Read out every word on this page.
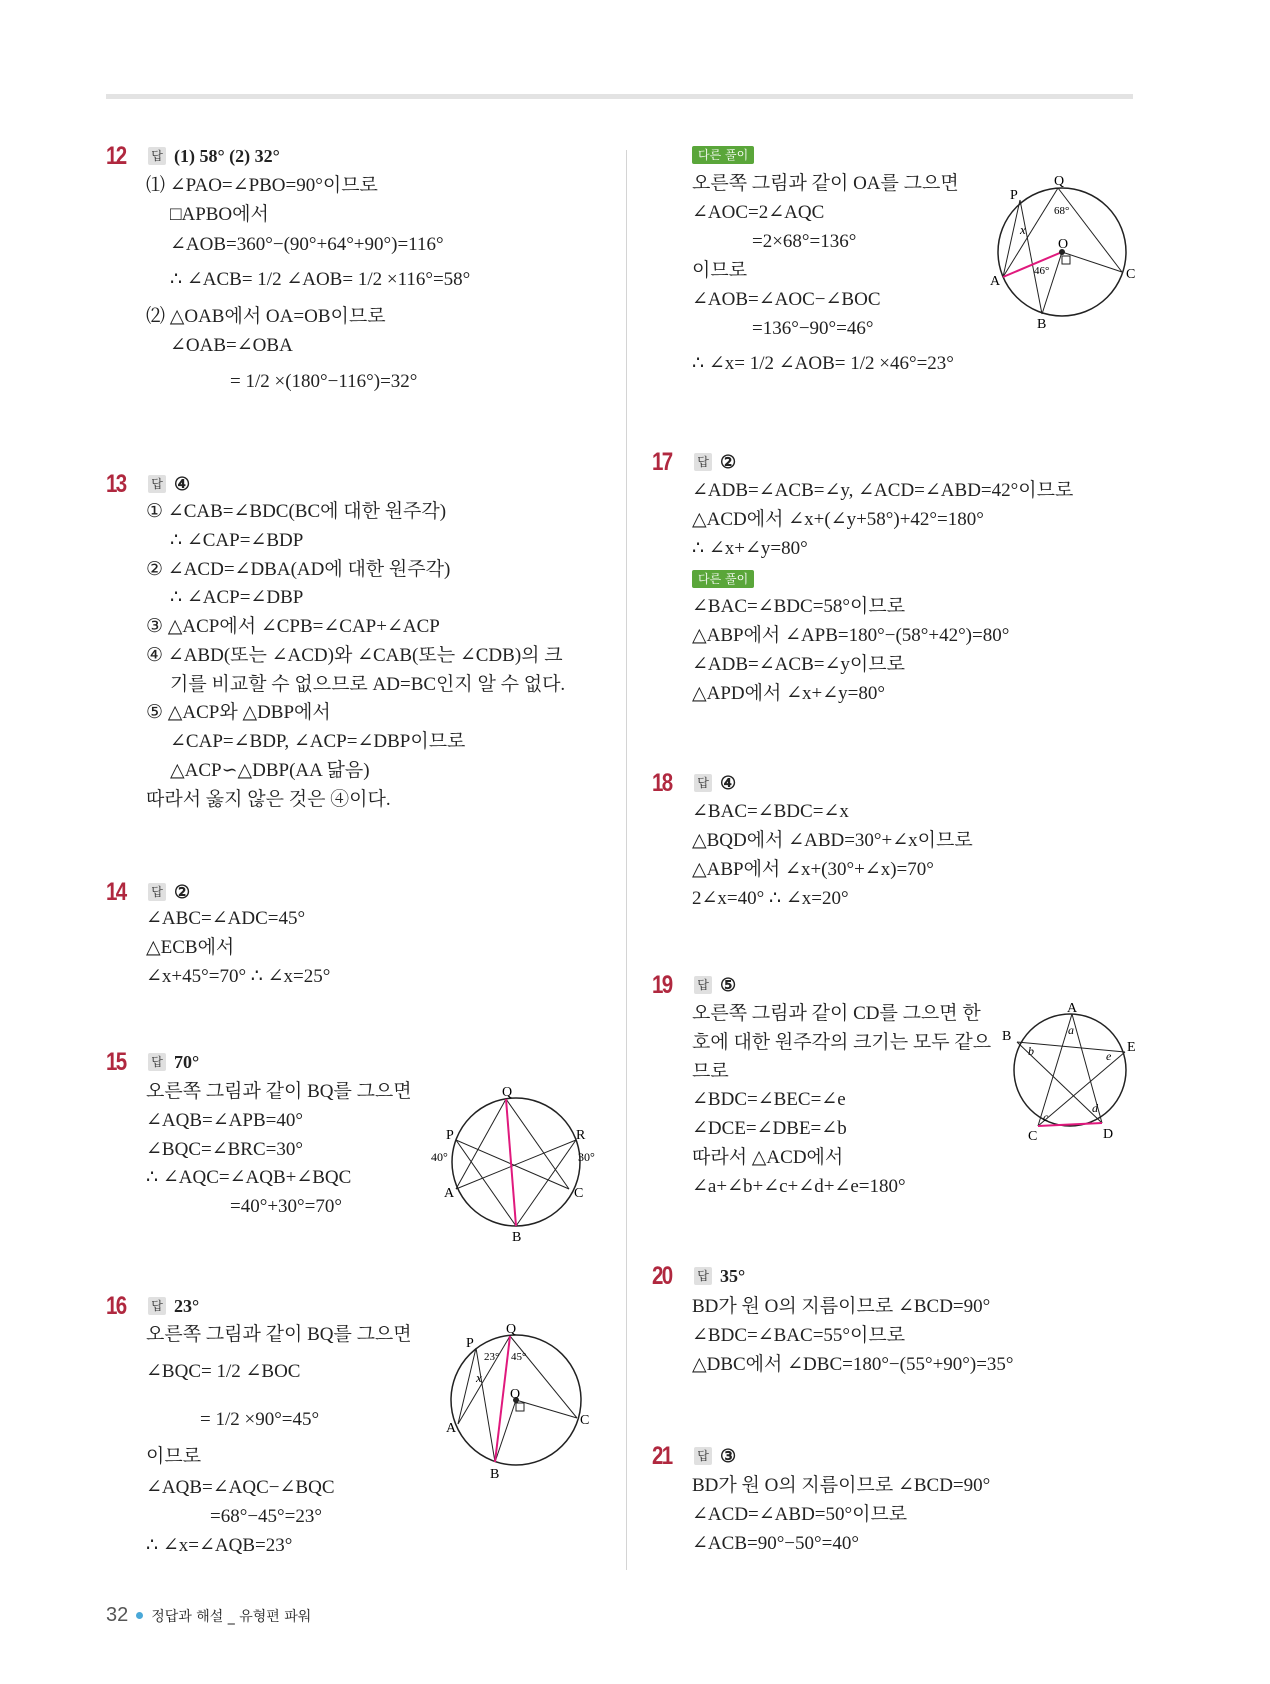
12 답 (1) 58° (2) 32°
⑴ ∠PAO=∠PBO=90°이므로
□APBO에서
∠AOB=360°−(90°+64°+90°)=116°
∴ ∠ACB= 1/2 ∠AOB= 1/2 ×116°=58°
⑵ △OAB에서 OA=OB이므로
∠OAB=∠OBA
= 1/2 ×(180°−116°)=32°
13 답 ④
① ∠CAB=∠BDC(BC에 대한 원주각)
∴ ∠CAP=∠BDP
② ∠ACD=∠DBA(AD에 대한 원주각)
∴ ∠ACP=∠DBP
③ △ACP에서 ∠CPB=∠CAP+∠ACP
④ ∠ABD(또는 ∠ACD)와 ∠CAB(또는 ∠CDB)의 크
기를 비교할 수 없으므로 AD=BC인지 알 수 없다.
⑤ △ACP와 △DBP에서
∠CAP=∠BDP, ∠ACP=∠DBP이므로
△ACP∽△DBP(AA 닮음)
따라서 옳지 않은 것은 ④이다.
14 답 ②
∠ABC=∠ADC=45°
△ECB에서
∠x+45°=70° ∴ ∠x=25°
15 답 70°
오른쪽 그림과 같이 BQ를 그으면
∠AQB=∠APB=40°
∠BQC=∠BRC=30°
∴ ∠AQC=∠AQB+∠BQC
=40°+30°=70°
Q
P	R
A	C
B
40°	30°
16 답 23°
오른쪽 그림과 같이 BQ를 그으면
∠BQC= 1/2 ∠BOC
= 1/2 ×90°=45°
이므로
∠AQB=∠AQC−∠BQC
=68°−45°=23°
∴ ∠x=∠AQB=23°
Q
P
O
A
C
B
23° 45°
x
다른 풀이
오른쪽 그림과 같이 OA를 그으면
∠AOC=2∠AQC
=2×68°=136°
이므로
∠AOB=∠AOC−∠BOC
=136°−90°=46°
∴ ∠x= 1/2 ∠AOB= 1/2 ×46°=23°
Q
P
O
A	C
B
68°
46°
x
17 답 ②
∠ADB=∠ACB=∠y, ∠ACD=∠ABD=42°이므로
△ACD에서 ∠x+(∠y+58°)+42°=180°
∴ ∠x+∠y=80°
다른 풀이
∠BAC=∠BDC=58°이므로
△ABP에서 ∠APB=180°−(58°+42°)=80°
∠ADB=∠ACB=∠y이므로
△APD에서 ∠x+∠y=80°
18 답 ④
∠BAC=∠BDC=∠x
△BQD에서 ∠ABD=30°+∠x이므로
△ABP에서 ∠x+(30°+∠x)=70°
2∠x=40° ∴ ∠x=20°
19 답 ⑤
오른쪽 그림과 같이 CD를 그으면 한
호에 대한 원주각의 크기는 모두 같으
므로
∠BDC=∠BEC=∠e
∠DCE=∠DBE=∠b
따라서 △ACD에서
∠a+∠b+∠c+∠d+∠e=180°
A
B
E
C	D
a
b
c
d
e
20 답 35°
BD가 원 O의 지름이므로 ∠BCD=90°
∠BDC=∠BAC=55°이므로
△DBC에서 ∠DBC=180°−(55°+90°)=35°
21 답 ③
BD가 원 O의 지름이므로 ∠BCD=90°
∠ACD=∠ABD=50°이므로
∠ACB=90°−50°=40°
32 정답과 해설 _ 유형편 파워
